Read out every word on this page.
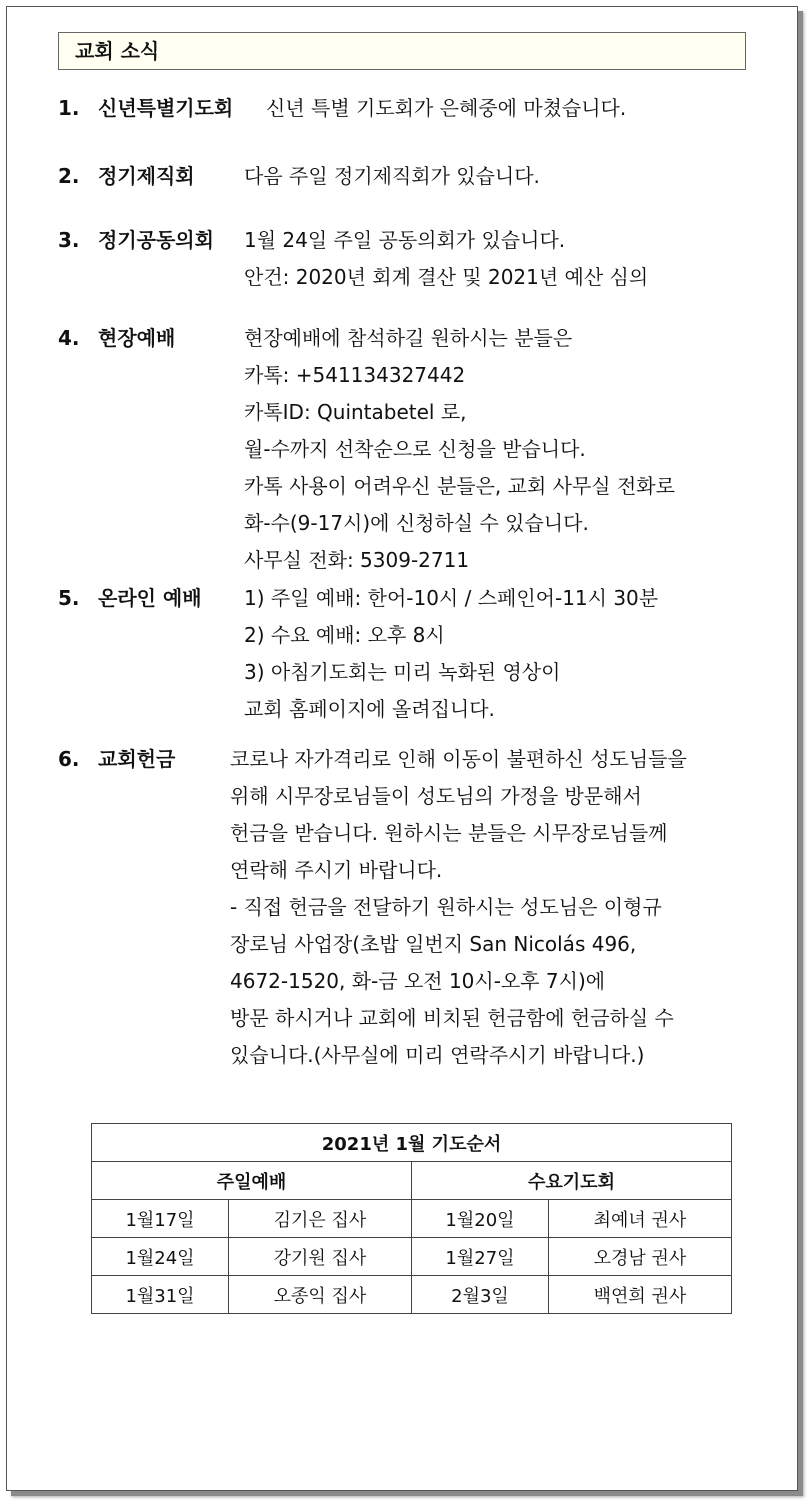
교회 소식
1. 신년특별기도회 신년 특별 기도회가 은혜중에 마쳤습니다.
2. 정기제직회 다음 주일 정기제직회가 있습니다.
3. 정기공동의회 1월 24일 주일 공동의회가 있습니다.
안건: 2020년 회계 결산 및 2021년 예산 심의
4. 현장예배	현장예배에 참석하길 원하시는 분들은
카톡: +541134327442
카톡ID: Quintabetel 로,
월-수까지 선착순으로 신청을 받습니다.
카톡 사용이 어려우신 분들은, 교회 사무실 전화로
화-수(9-17시)에 신청하실 수 있습니다.
사무실 전화: 5309-2711
5. 온라인 예배 1) 주일 예배: 한어-10시 / 스페인어-11시 30분
2) 수요 예배: 오후 8시
3) 아침기도회는 미리 녹화된 영상이
교회 홈페이지에 올려집니다.
6. 교회헌금	코로나 자가격리로 인해 이동이 불편하신 성도님들을
위해 시무장로님들이 성도님의 가정을 방문해서
헌금을 받습니다. 원하시는 분들은 시무장로님들께
연락해 주시기 바랍니다.
- 직접 헌금을 전달하기 원하시는 성도님은 이형규
장로님 사업장(초밥 일번지 San Nicolás 496,
4672-1520, 화-금 오전 10시-오후 7시)에
방문 하시거나 교회에 비치된 헌금함에 헌금하실 수
있습니다.(사무실에 미리 연락주시기 바랍니다.)
2021년 1월 기도순서			
주일예배		수요기도회	
1월17일	김기은 집사	1월20일	최예녀 권사
1월24일	강기원 집사	1월27일	오경남 권사
1월31일	오종익 집사	2월3일	백연희 권사
